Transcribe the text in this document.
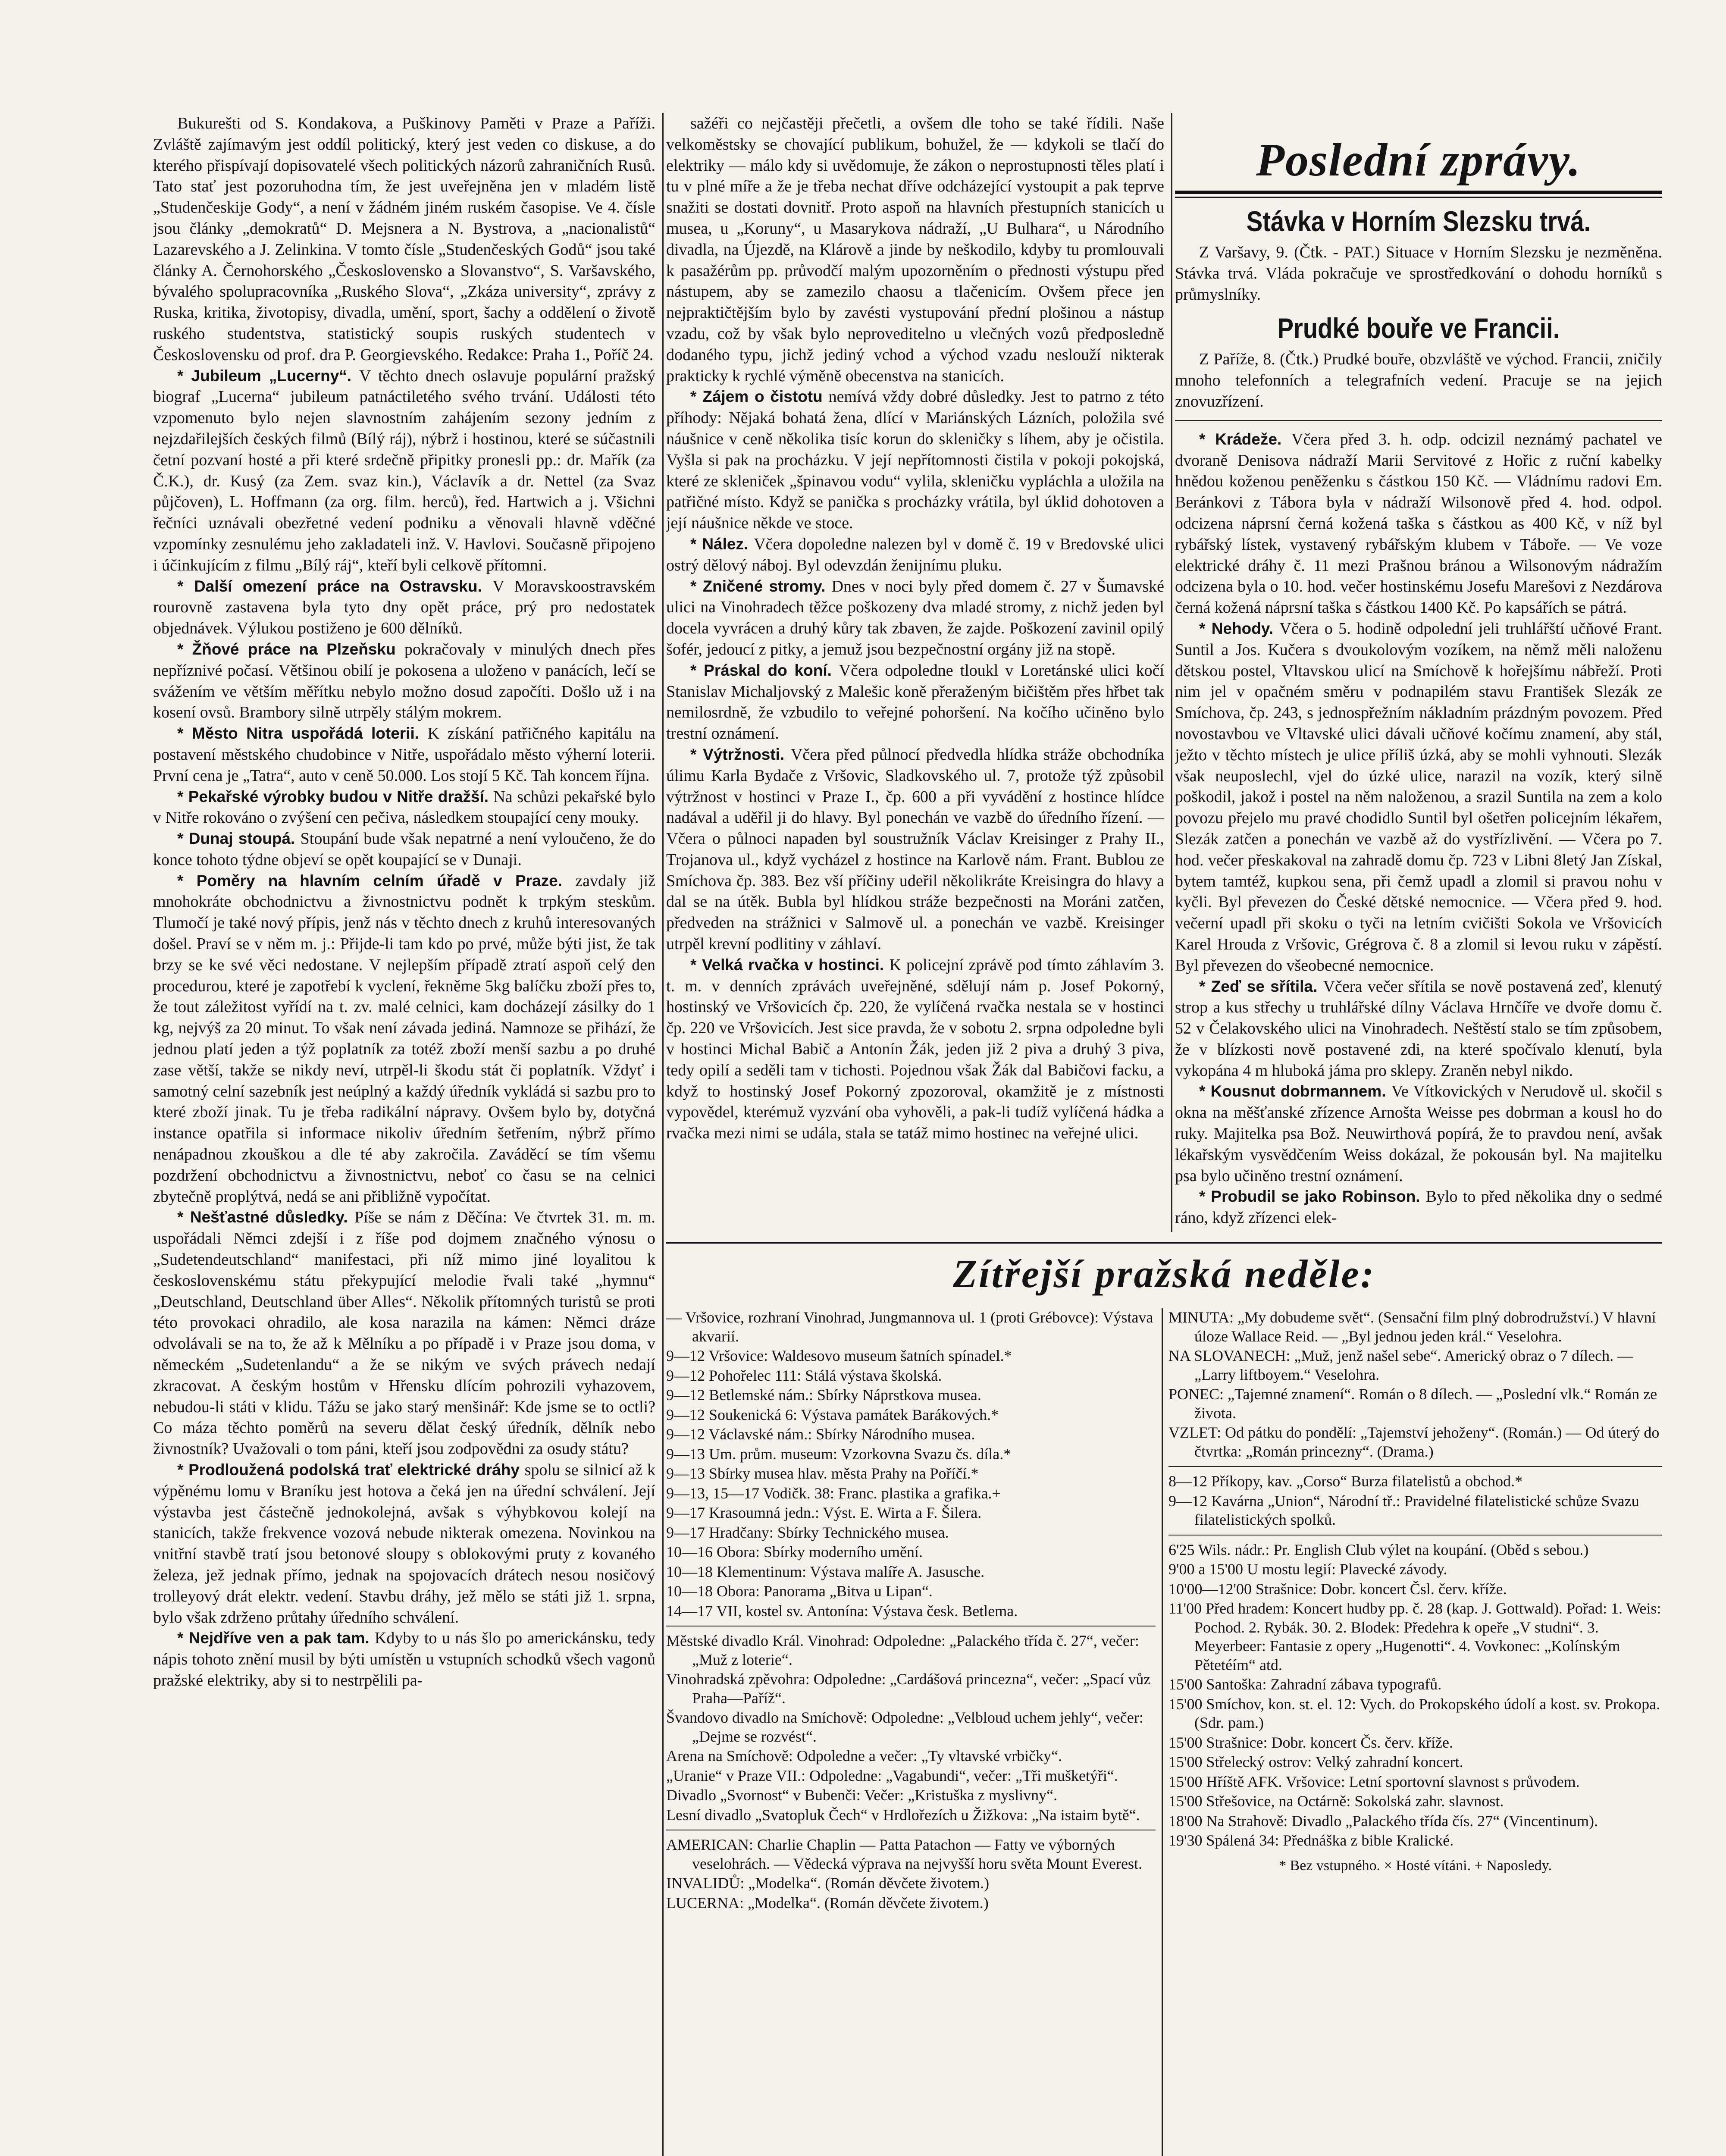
Bukurešti od S. Kondakova, a Puškinovy Paměti v Praze a Paříži. Zvláště zajímavým jest oddíl politický, který jest veden co diskuse, a do kterého přispívají dopisovatelé všech politických názorů zahraničních Rusů. Tato stať jest pozoruhodna tím, že jest uveřejněna jen v mladém listě „Studenčeskije Gody“, a není v žádném jiném ruském časopise. Ve 4. čísle jsou články „demokratů“ D. Mejsnera a N. Bystrova, a „nacionalistů“ Lazarevského a J. Zelinkina. V tomto čísle „Studenčeských Godů“ jsou také články A. Černohorského „Československo a Slovanstvo“, S. Varšavského, bývalého spolupracovníka „Ruského Slova“, „Zkáza university“, zprávy z Ruska, kritika, životopisy, divadla, umění, sport, šachy a oddělení o životě ruského studentstva, statistický soupis ruských studentech v Československu od prof. dra P. Georgievského. Redakce: Praha 1., Poříč 24.

* Jubileum „Lucerny“. V těchto dnech oslavuje populární pražský biograf „Lucerna“ jubileum patnáctiletého svého trvání. Události této vzpomenuto bylo nejen slavnostním zahájením sezony jedním z nejzdařilejších českých filmů (Bílý ráj), nýbrž i hostinou, které se súčastnili četní pozvaní hosté a při které srdečně připitky pronesli pp.: dr. Mařík (za Č.K.), dr. Kusý (za Zem. svaz kin.), Václavík a dr. Nettel (za Svaz půjčoven), L. Hoffmann (za org. film. herců), řed. Hartwich a j. Všichni řečníci uznávali obezřetné vedení podniku a věnovali hlavně vděčné vzpomínky zesnulému jeho zakladateli inž. V. Havlovi. Současně připojeno i účinkujícím z filmu „Bílý ráj“, kteří byli celkově přítomni.

* Další omezení práce na Ostravsku. V Moravskoostravském rourovně zastavena byla tyto dny opět práce, prý pro nedostatek objednávek. Výlukou postiženo je 600 dělníků.

* Žňové práce na Plzeňsku pokračovaly v minulých dnech přes nepříznivé počasí. Většinou obilí je pokosena a uloženo v panácích, lečí se svážením ve větším měřítku nebylo možno dosud započíti. Došlo už i na kosení ovsů. Brambory silně utrpěly stálým mokrem.

* Město Nitra uspořádá loterii. K získání patřičného kapitálu na postavení městského chudobince v Nitře, uspořádalo město výherní loterii. První cena je „Tatra“, auto v ceně 50.000. Los stojí 5 Kč. Tah koncem října.

* Pekařské výrobky budou v Nitře dražší. Na schůzi pekařské bylo v Nitře rokováno o zvýšení cen pečiva, následkem stoupající ceny mouky.

* Dunaj stoupá. Stoupání bude však nepatrné a není vyloučeno, že do konce tohoto týdne objeví se opět koupající se v Dunaji.

* Poměry na hlavním celním úřadě v Praze. zavdaly již mnohokráte obchodnictvu a živnostnictvu podnět k trpkým steskům. Tlumočí je také nový přípis, jenž nás v těchto dnech z kruhů interesovaných došel. Praví se v něm m. j.: Přijde-li tam kdo po prvé, může býti jist, že tak brzy se ke své věci nedostane. V nejlepším případě ztratí aspoň celý den procedurou, které je zapotřebí k vyclení, řekněme 5kg balíčku zboží přes to, že tout záležitost vyřídí na t. zv. malé celnici, kam docházejí zásilky do 1 kg, nejvýš za 20 minut. To však není závada jediná. Namnoze se přihází, že jednou platí jeden a týž poplatník za totéž zboží menší sazbu a po druhé zase větší, takže se nikdy neví, utrpěl-li škodu stát či poplatník. Vždyť i samotný celní sazebník jest neúplný a každý úředník vykládá si sazbu pro to které zboží jinak. Tu je třeba radikální nápravy. Ovšem bylo by, dotyčná instance opatřila si informace nikoliv úředním šetřením, nýbrž přímo nenápadnou zkouškou a dle té aby zakročila. Zaváděcí se tím všemu pozdržení obchodnictvu a živnostnictvu, neboť co času se na celnici zbytečně proplýtvá, nedá se ani přibližně vypočítat.

* Nešťastné důsledky. Píše se nám z Děčína: Ve čtvrtek 31. m. m. uspořádali Němci zdejší i z říše pod dojmem značného výnosu o „Sudetendeutschland“ manifestaci, při níž mimo jiné loyalitou k československému státu překypující melodie řvali také „hymnu“ „Deutschland, Deutschland über Alles“. Několik přítomných turistů se proti této provokaci ohradilo, ale kosa narazila na kámen: Němci dráze odvolávali se na to, že až k Mělníku a po případě i v Praze jsou doma, v německém „Sudetenlandu“ a že se nikým ve svých právech nedají zkracovat. A českým hostům v Hřensku dlícím pohrozili vyhazovem, nebudou-li státi v klidu. Tážu se jako starý menšinář: Kde jsme se to octli? Co máza těchto poměrů na severu dělat český úředník, dělník nebo živnostník? Uvažovali o tom páni, kteří jsou zodpovědni za osudy státu?

* Prodloužená podolská trať elektrické dráhy spolu se silnicí až k výpěnému lomu v Braníku jest hotova a čeká jen na úřední schválení. Její výstavba jest částečně jednokolejná, avšak s výhybkovou kolejí na stanicích, takže frekvence vozová nebude nikterak omezena. Novinkou na vnitřní stavbě tratí jsou betonové sloupy s oblokovými pruty z kovaného železa, jež jednak přímo, jednak na spojovacích drátech nesou nosičový trolleyový drát elektr. vedení. Stavbu dráhy, jež mělo se státi již 1. srpna, bylo však zdrženo průtahy úředního schválení.

* Nejdříve ven a pak tam. Kdyby to u nás šlo po americkánsku, tedy nápis tohoto znění musil by býti umístěn u vstupních schodků všech vagonů pražské elektriky, aby si to nestrpělili pa-

sažéři co nejčastěji přečetli, a ovšem dle toho se také řídili. Naše velkoměstsky se chovající publikum, bohužel, že — kdykoli se tlačí do elektriky — málo kdy si uvědomuje, že zákon o neprostupnosti těles platí i tu v plné míře a že je třeba nechat dříve odcházející vystoupit a pak teprve snažiti se dostati dovnitř. Proto aspoň na hlavních přestupních stanicích u musea, u „Koruny“, u Masarykova nádraží, „U Bulhara“, u Národního divadla, na Újezdě, na Klárově a jinde by neškodilo, kdyby tu promlouvali k pasažérům pp. průvodčí malým upozorněním o přednosti výstupu před nástupem, aby se zamezilo chaosu a tlačenicím. Ovšem přece jen nejpraktičtějším bylo by zavésti vystupování přední plošinou a nástup vzadu, což by však bylo neproveditelno u vlečných vozů předposledně dodaného typu, jichž jediný vchod a východ vzadu neslouží nikterak prakticky k rychlé výměně obecenstva na stanicích.

* Zájem o čistotu nemívá vždy dobré důsledky. Jest to patrno z této příhody: Nějaká bohatá žena, dlící v Mariánských Lázních, položila své náušnice v ceně několika tisíc korun do skleničky s líhem, aby je očistila. Vyšla si pak na procházku. V její nepřítomnosti čistila v pokoji pokojská, které ze skleniček „špinavou vodu“ vylila, skleničku vypláchla a uložila na patřičné místo. Když se panička s procházky vrátila, byl úklid dohotoven a její náušnice někde ve stoce.

* Nález. Včera dopoledne nalezen byl v domě č. 19 v Bredovské ulici ostrý dělový náboj. Byl odevzdán ženijnímu pluku.

* Zničené stromy. Dnes v noci byly před domem č. 27 v Šumavské ulici na Vinohradech těžce poškozeny dva mladé stromy, z nichž jeden byl docela vyvrácen a druhý kůry tak zbaven, že zajde. Poškození zavinil opilý šofér, jedoucí z pitky, a jemuž jsou bezpečnostní orgány již na stopě.

* Práskal do koní. Včera odpoledne tloukl v Loretánské ulici kočí Stanislav Michaljovský z Malešic koně přeraženým bičištěm přes hřbet tak nemilosrdně, že vzbudilo to veřejné pohoršení. Na kočího učiněno bylo trestní oznámení.

* Výtržnosti. Včera před půlnocí předvedla hlídka stráže obchodníka úlimu Karla Bydače z Vršovic, Sladkovského ul. 7, protože týž způsobil výtržnost v hostinci v Praze I., čp. 600 a při vyvádění z hostince hlídce nadával a uděřil ji do hlavy. Byl ponechán ve vazbě do úředního řízení. — Včera o půlnoci napaden byl soustružník Václav Kreisinger z Prahy II., Trojanova ul., když vycházel z hostince na Karlově nám. Frant. Bublou ze Smíchova čp. 383. Bez vší příčiny udeřil několikráte Kreisingra do hlavy a dal se na útěk. Bubla byl hlídkou stráže bezpečnosti na Moráni zatčen, předveden na strážnici v Salmově ul. a ponechán ve vazbě. Kreisinger utrpěl krevní podlitiny v záhlaví.

* Velká rvačka v hostinci. K policejní zprávě pod tímto záhlavím 3. t. m. v denních zprávách uveřejněné, sdělují nám p. Josef Pokorný, hostinský ve Vršovicích čp. 220, že vylíčená rvačka nestala se v hostinci čp. 220 ve Vršovicích. Jest sice pravda, že v sobotu 2. srpna odpoledne byli v hostinci Michal Babič a Antonín Žák, jeden již 2 piva a druhý 3 piva, tedy opilí a seděli tam v tichosti. Pojednou však Žák dal Babičovi facku, a když to hostinský Josef Pokorný zpozoroval, okamžitě je z místnosti vypovědel, kterémuž vyzvání oba vyhověli, a pak-li tudíž vylíčená hádka a rvačka mezi nimi se udála, stala se tatáž mimo hostinec na veřejné ulici.

Poslední zprávy.
Stávka v Horním Slezsku trvá.

Z Varšavy, 9. (Čtk. - PAT.) Situace v Horním Slezsku je nezměněna. Stávka trvá. Vláda pokračuje ve sprostředkování o dohodu horníků s průmyslníky.

Prudké bouře ve Francii.

Z Paříže, 8. (Čtk.) Prudké bouře, obzvláště ve východ. Francii, zničily mnoho telefonních a telegrafních vedení. Pracuje se na jejich znovuzřízení.

* Krádeže. Včera před 3. h. odp. odcizil neznámý pachatel ve dvoraně Denisova nádraží Marii Servitové z Hořic z ruční kabelky hnědou koženou peněženku s částkou 150 Kč. — Vládnímu radovi Em. Beránkovi z Tábora byla v nádraží Wilsonově před 4. hod. odpol. odcizena náprsní černá kožená taška s částkou as 400 Kč, v níž byl rybářský lístek, vystavený rybářským klubem v Táboře. — Ve voze elektrické dráhy č. 11 mezi Prašnou bránou a Wilsonovým nádražím odcizena byla o 10. hod. večer hostinskému Josefu Marešovi z Nezdárova černá kožená náprsní taška s částkou 1400 Kč. Po kapsářích se pátrá.

* Nehody. Včera o 5. hodině odpolední jeli truhlářští učňové Frant. Suntil a Jos. Kučera s dvoukolovým vozíkem, na němž měli naloženu dětskou postel, Vltavskou ulicí na Smíchově k hořejšímu nábřeží. Proti nim jel v opačném směru v podnapilém stavu František Slezák ze Smíchova, čp. 243, s jednospřežním nákladním prázdným povozem. Před novostavbou ve Vltavské ulici dávali učňové kočímu znamení, aby stál, ježto v těchto místech je ulice příliš úzká, aby se mohli vyhnouti. Slezák však neuposlechl, vjel do úzké ulice, narazil na vozík, který silně poškodil, jakož i postel na něm naloženou, a srazil Suntila na zem a kolo povozu přejelo mu pravé chodidlo Suntil byl ošetřen policejním lékařem, Slezák zatčen a ponechán ve vazbě až do vystřízlivění. — Včera po 7. hod. večer přeskakoval na zahradě domu čp. 723 v Libni 8letý Jan Získal, bytem tamtéž, kupkou sena, při čemž upadl a zlomil si pravou nohu v kyčli. Byl převezen do České dětské nemocnice. — Včera před 9. hod. večerní upadl při skoku o tyči na letním cvičišti Sokola ve Vršovicích Karel Hrouda z Vršovic, Grégrova č. 8 a zlomil si levou ruku v zápěstí. Byl převezen do všeobecné nemocnice.

* Zeď se sřítila. Včera večer sřítila se nově postavená zeď, klenutý strop a kus střechy u truhlářské dílny Václava Hrnčíře ve dvoře domu č. 52 v Čelakovského ulici na Vinohradech. Neštěstí stalo se tím způsobem, že v blízkosti nově postavené zdi, na které spočívalo klenutí, byla vykopána 4 m hluboká jáma pro sklepy. Zraněn nebyl nikdo.

* Kousnut dobrmannem. Ve Vítkovických v Nerudově ul. skočil s okna na měšťanské zřízence Arnošta Weisse pes dobrman a kousl ho do ruky. Majitelka psa Bož. Neuwirthová popírá, že to pravdou není, avšak lékařským vysvědčením Weiss dokázal, že pokousán byl. Na majitelku psa bylo učiněno trestní oznámení.

* Probudil se jako Robinson. Bylo to před několika dny o sedmé ráno, když zřízenci elek-

Zítřejší pražská neděle:

— Vršovice, rozhraní Vinohrad, Jungmannova ul. 1 (proti Grébovce): Výstava akvarií.

9—12 Vršovice: Waldesovo museum šatních spínadel.*

9—12 Pohořelec 111: Stálá výstava školská.

9—12 Betlemské nám.: Sbírky Náprstkova musea.

9—12 Soukenická 6: Výstava památek Barákových.*

9—12 Václavské nám.: Sbírky Národního musea.

9—13 Um. prům. museum: Vzorkovna Svazu čs. díla.*

9—13 Sbírky musea hlav. města Prahy na Poříčí.*

9—13, 15—17 Vodičk. 38: Franc. plastika a grafika.+

9—17 Krasoumná jedn.: Výst. E. Wirta a F. Šilera.

9—17 Hradčany: Sbírky Technického musea.

10—16 Obora: Sbírky moderního umění.

10—18 Klementinum: Výstava malíře A. Jasusche.

10—18 Obora: Panorama „Bitva u Lipan“.

14—17 VII, kostel sv. Antonína: Výstava česk. Betlema.

Městské divadlo Král. Vinohrad: Odpoledne: „Palackého třída č. 27“, večer: „Muž z loterie“.

Vinohradská zpěvohra: Odpoledne: „Cardášová princezna“, večer: „Spací vůz Praha—Paříž“.

Švandovo divadlo na Smíchově: Odpoledne: „Velbloud uchem jehly“, večer: „Dejme se rozvést“.

Arena na Smíchově: Odpoledne a večer: „Ty vltavské vrbičky“.

„Uranie“ v Praze VII.: Odpoledne: „Vagabundi“, večer: „Tři mušketýři“.

Divadlo „Svornost“ v Bubenči: Večer: „Kristuška z myslivny“.

Lesní divadlo „Svatopluk Čech“ v Hrdlořezích u Žižkova: „Na istaim bytě“.

AMERICAN: Charlie Chaplin — Patta Patachon — Fatty ve výborných veselohrách. — Vědecká výprava na nejvyšší horu světa Mount Everest.

INVALIDŮ: „Modelka“. (Román děvčete životem.)

LUCERNA: „Modelka“. (Román děvčete životem.)

MINUTA: „My dobudeme svět“. (Sensační film plný dobrodružství.) V hlavní úloze Wallace Reid. — „Byl jednou jeden král.“ Veselohra.

NA SLOVANECH: „Muž, jenž našel sebe“. Americký obraz o 7 dílech. — „Larry liftboyem.“ Veselohra.

PONEC: „Tajemné znamení“. Román o 8 dílech. — „Poslední vlk.“ Román ze života.

VZLET: Od pátku do pondělí: „Tajemství jehoženy“. (Román.) — Od úterý do čtvrtka: „Román princezny“. (Drama.)

8—12 Příkopy, kav. „Corso“ Burza filatelistů a obchod.*

9—12 Kavárna „Union“, Národní tř.: Pravidelné filatelistické schůze Svazu filatelistických spolků.

6'25 Wils. nádr.: Pr. English Club výlet na koupání. (Oběd s sebou.)

9'00 a 15'00 U mostu legií: Plavecké závody.

10'00—12'00 Strašnice: Dobr. koncert Čsl. červ. kříže.

11'00 Před hradem: Koncert hudby pp. č. 28 (kap. J. Gottwald). Pořad: 1. Weis: Pochod. 2. Rybák. 30. 2. Blodek: Předehra k opeře „V studni“. 3. Meyerbeer: Fantasie z opery „Hugenotti“. 4. Vovkonec: „Kolínským Pětetéím“ atd.

15'00 Santoška: Zahradní zábava typografů.

15'00 Smíchov, kon. st. el. 12: Vych. do Prokopského údolí a kost. sv. Prokopa. (Sdr. pam.)

15'00 Strašnice: Dobr. koncert Čs. červ. kříže.

15'00 Střelecký ostrov: Velký zahradní koncert.

15'00 Hříště AFK. Vršovice: Letní sportovní slavnost s průvodem.

15'00 Střešovice, na Octárně: Sokolská zahr. slavnost.

18'00 Na Strahově: Divadlo „Palackého třída čís. 27“ (Vincentinum).

19'30 Spálená 34: Přednáška z bible Kralické.

* Bez vstupného. × Hosté vítáni. + Naposledy.
